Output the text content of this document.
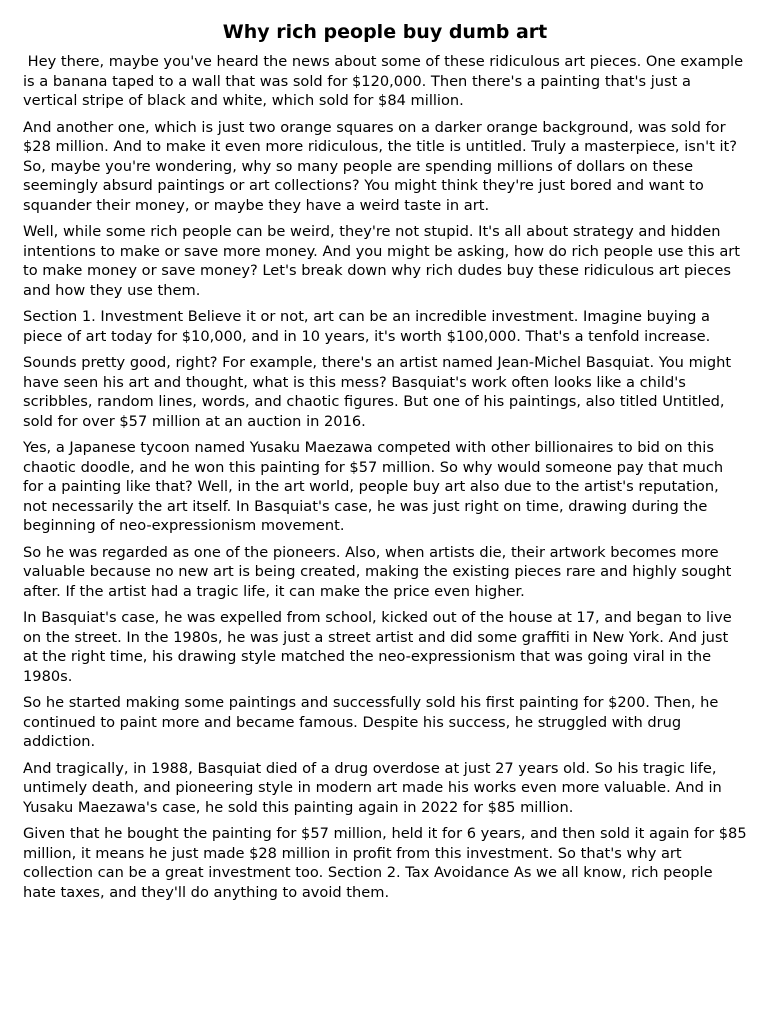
Why rich people buy dumb art

Hey there, maybe you've heard the news about some of these ridiculous art pieces. One example is a banana taped to a wall that was sold for $120,000. Then there's a painting that's just a vertical stripe of black and white, which sold for $84 million.

And another one, which is just two orange squares on a darker orange background, was sold for $28 million. And to make it even more ridiculous, the title is untitled. Truly a masterpiece, isn't it? So, maybe you're wondering, why so many people are spending millions of dollars on these seemingly absurd paintings or art collections? You might think they're just bored and want to squander their money, or maybe they have a weird taste in art.

Well, while some rich people can be weird, they're not stupid. It's all about strategy and hidden intentions to make or save more money. And you might be asking, how do rich people use this art to make money or save money? Let's break down why rich dudes buy these ridiculous art pieces and how they use them.

Section 1. Investment Believe it or not, art can be an incredible investment. Imagine buying a piece of art today for $10,000, and in 10 years, it's worth $100,000. That's a tenfold increase.

Sounds pretty good, right? For example, there's an artist named Jean-Michel Basquiat. You might have seen his art and thought, what is this mess? Basquiat's work often looks like a child's scribbles, random lines, words, and chaotic figures. But one of his paintings, also titled Untitled, sold for over $57 million at an auction in 2016.

Yes, a Japanese tycoon named Yusaku Maezawa competed with other billionaires to bid on this chaotic doodle, and he won this painting for $57 million. So why would someone pay that much for a painting like that? Well, in the art world, people buy art also due to the artist's reputation, not necessarily the art itself. In Basquiat's case, he was just right on time, drawing during the beginning of neo-expressionism movement.

So he was regarded as one of the pioneers. Also, when artists die, their artwork becomes more valuable because no new art is being created, making the existing pieces rare and highly sought after. If the artist had a tragic life, it can make the price even higher.

In Basquiat's case, he was expelled from school, kicked out of the house at 17, and began to live on the street. In the 1980s, he was just a street artist and did some graffiti in New York. And just at the right time, his drawing style matched the neo-expressionism that was going viral in the 1980s.

So he started making some paintings and successfully sold his first painting for $200. Then, he continued to paint more and became famous. Despite his success, he struggled with drug addiction.

And tragically, in 1988, Basquiat died of a drug overdose at just 27 years old. So his tragic life, untimely death, and pioneering style in modern art made his works even more valuable. And in Yusaku Maezawa's case, he sold this painting again in 2022 for $85 million.

Given that he bought the painting for $57 million, held it for 6 years, and then sold it again for $85 million, it means he just made $28 million in profit from this investment. So that's why art collection can be a great investment too. Section 2. Tax Avoidance As we all know, rich people hate taxes, and they'll do anything to avoid them.
